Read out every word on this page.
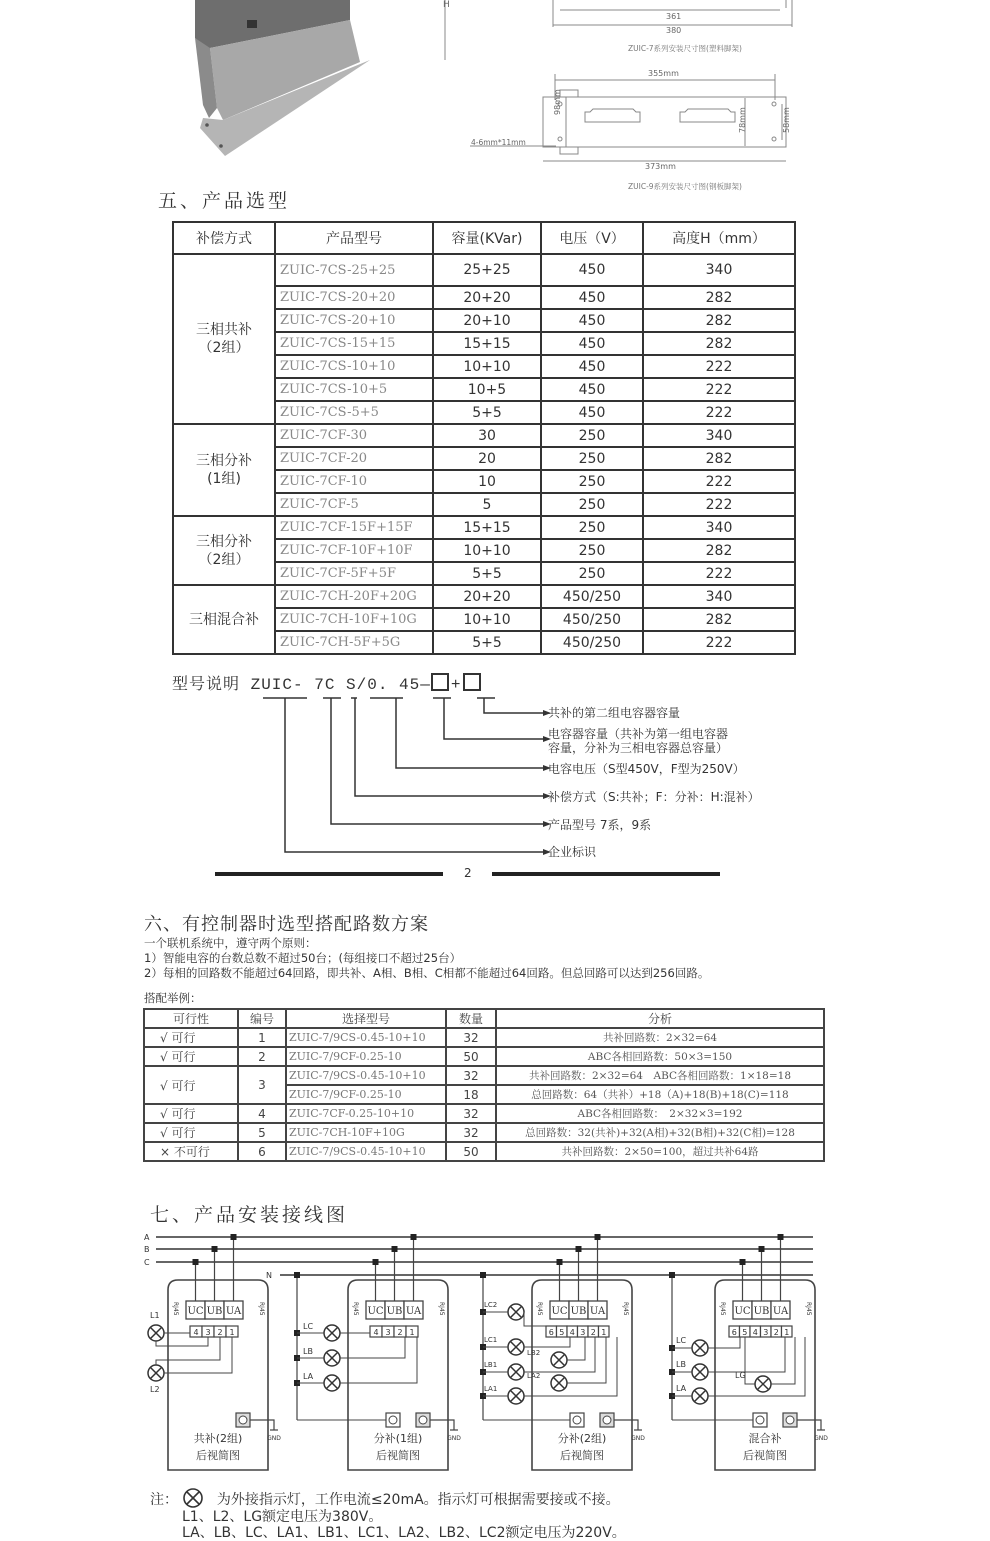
H
361
380
ZUIC-7系列安装尺寸图(塑料脚架)
355mm
373mm
98mm
78mm	58mm
4-6mm*11mm
ZUIC-9系列安装尺寸图(钢板脚架)
五、产品选型
补偿方式	产品型号	容量(KVar)	电压（V）	高度H（mm）

三相共补
（2组）	ZUIC-7CS-25+25	25+25	450	340
	ZUIC-7CS-20+20	20+20	450	282
	ZUIC-7CS-20+10	20+10	450	282
	ZUIC-7CS-15+15	15+15	450	282
	ZUIC-7CS-10+10	10+10	450	222
	ZUIC-7CS-10+5	10+5	450	222
	ZUIC-7CS-5+5	5+5	450	222

三相分补
(1组)	ZUIC-7CF-30	30	250	340
	ZUIC-7CF-20	20	250	282
	ZUIC-7CF-10	10	250	222
	ZUIC-7CF-5	5	250	222

三相分补
（2组）	ZUIC-7CF-15F+15F	15+15	250	340
	ZUIC-7CF-10F+10F	10+10	250	282
	ZUIC-7CF-5F+5F	5+5	250	222

三相混合补	ZUIC-7CH-20F+20G	20+20	450/250	340
	ZUIC-7CH-10F+10G	10+10	450/250	282
	ZUIC-7CH-5F+5G	5+5	450/250	222
型号说明 ZUIC- 7C S/0. 45— +
共补的第二组电容器容量
电容器容量（共补为第一组电容器
容量，分补为三相电容器总容量）
电容电压（S型450V，F型为250V）
补偿方式（S:共补；F：分补：H:混补）
产品型号 7系，9系
企业标识
2
六、有控制器时选型搭配路数方案
一个联机系统中，遵守两个原则：
1）智能电容的台数总数不超过50台；(每组接口不超过25台）
2）每相的回路数不能超过64回路，即共补、A相、B相、C相都不能超过64回路。但总回路可以达到256回路。
搭配举例：
可行性	编号	选择型号	数量	分析
√ 可行	1	ZUIC-7/9CS-0.45-10+10	32	共补回路数：2×32=64
√ 可行	2	ZUIC-7/9CF-0.25-10	50	ABC各相回路数：50×3=150
√ 可行	3	ZUIC-7/9CS-0.45-10+10	32	共补回路数：2×32=64　ABC各相回路数：1×18=18
		ZUIC-7/9CF-0.25-10	18	总回路数：64（共补）+18（A)+18(B)+18(C)=118
√ 可行	4	ZUIC-7CF-0.25-10+10	32	ABC各相回路数：　2×32×3=192
√ 可行	5	ZUIC-7CH-10F+10G	32	总回路数：32(共补)+32(A相)+32(B相)+32(C相)=128
× 不可行	6	ZUIC-7/9CS-0.45-10+10	50	共补回路数：2×50=100，超过共补64路
七、产品安装接线图
A
B
C
N
UC UB UA
RJ45	RJ45
4 3 2 1
GND
共补(2组)
后视简图
UC UB UA
RJ45	RJ45
4 3 2 1
GND
分补(1组)
后视简图
UC UB UA
RJ45	RJ45
6 5 4 3 2 1
GND
分补(2组)
后视简图
UC UB UA
RJ45	RJ45
6 5 4 3 2 1
GND
混合补
后视简图
L1
L2
LC
LB
LA
LC2
LC1
LB2
LB1
LA2
LA1
LC
LB
LA
LG
注：	为外接指示灯，工作电流≤20mA。指示灯可根据需要接或不接。
L1、L2、LG额定电压为380V。
LA、LB、LC、LA1、LB1、LC1、LA2、LB2、LC2额定电压为220V。
